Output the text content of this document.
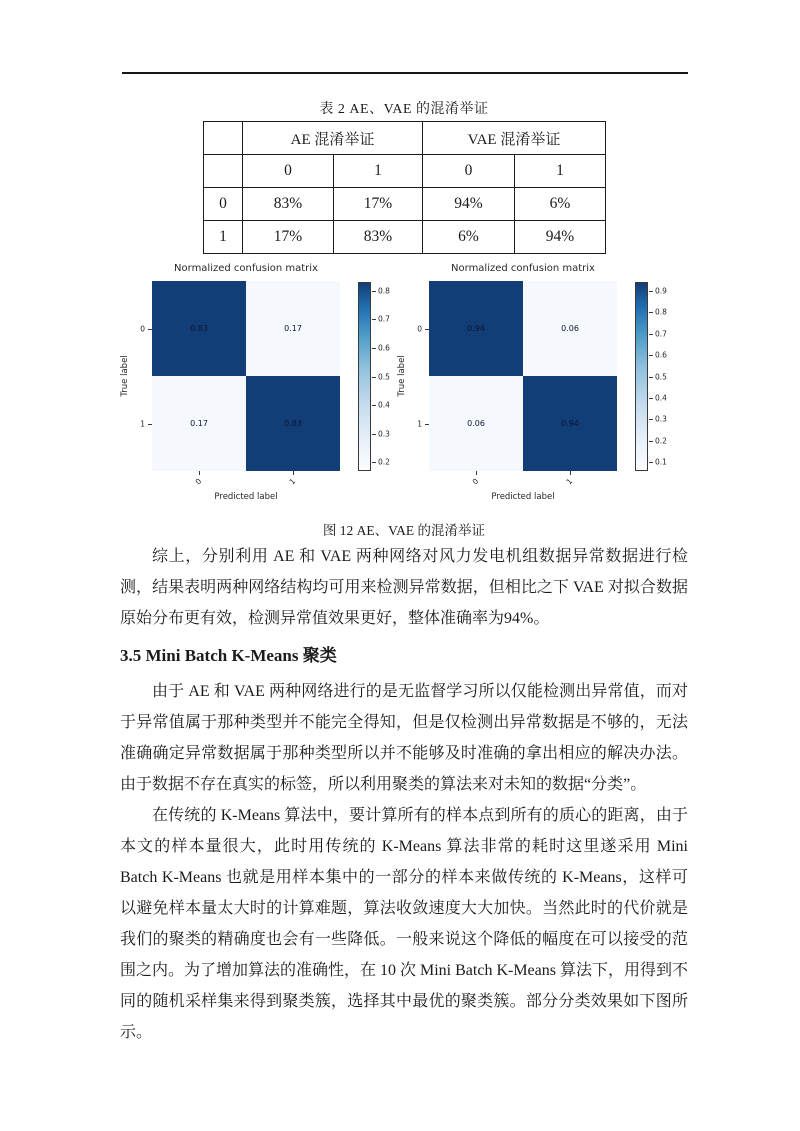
表 2 AE、VAE 的混淆举证
	AE 混淆举证		VAE 混淆举证	
	0	1	0	1
0	83%	17%	94%	6%
1	17%	83%	6%	94%
Normalized confusion matrix
True label
0.83	0.17
0.17	0.83
0
1
0	1
Predicted label
0.2
0.3
0.4
0.5
0.6
0.7
0.8
Normalized confusion matrix
True label
0.94	0.06
0.06	0.94
0
1
0	1
Predicted label
0.1
0.2
0.3
0.4
0.5
0.6
0.7
0.8
0.9
图 12 AE、VAE 的混淆举证

综上，分别利用 AE 和 VAE 两种网络对风力发电机组数据异常数据进行检测，结果表明两种网络结构均可用来检测异常数据，但相比之下 VAE 对拟合数据原始分布更有效，检测异常值效果更好，整体准确率为94%。

3.5 Mini Batch K-Means 聚类

由于 AE 和 VAE 两种网络进行的是无监督学习所以仅能检测出异常值，而对于异常值属于那种类型并不能完全得知，但是仅检测出异常数据是不够的，无法准确确定异常数据属于那种类型所以并不能够及时准确的拿出相应的解决办法。由于数据不存在真实的标签，所以利用聚类的算法来对未知的数据“分类”。

在传统的 K-Means 算法中，要计算所有的样本点到所有的质心的距离，由于本文的样本量很大，此时用传统的 K-Means 算法非常的耗时这里遂采用 Mini Batch K-Means 也就是用样本集中的一部分的样本来做传统的 K-Means，这样可以避免样本量太大时的计算难题，算法收敛速度大大加快。当然此时的代价就是我们的聚类的精确度也会有一些降低。一般来说这个降低的幅度在可以接受的范围之内。为了增加算法的准确性，在 10 次 Mini Batch K-Means 算法下，用得到不同的随机采样集来得到聚类簇，选择其中最优的聚类簇。部分分类效果如下图所示。
